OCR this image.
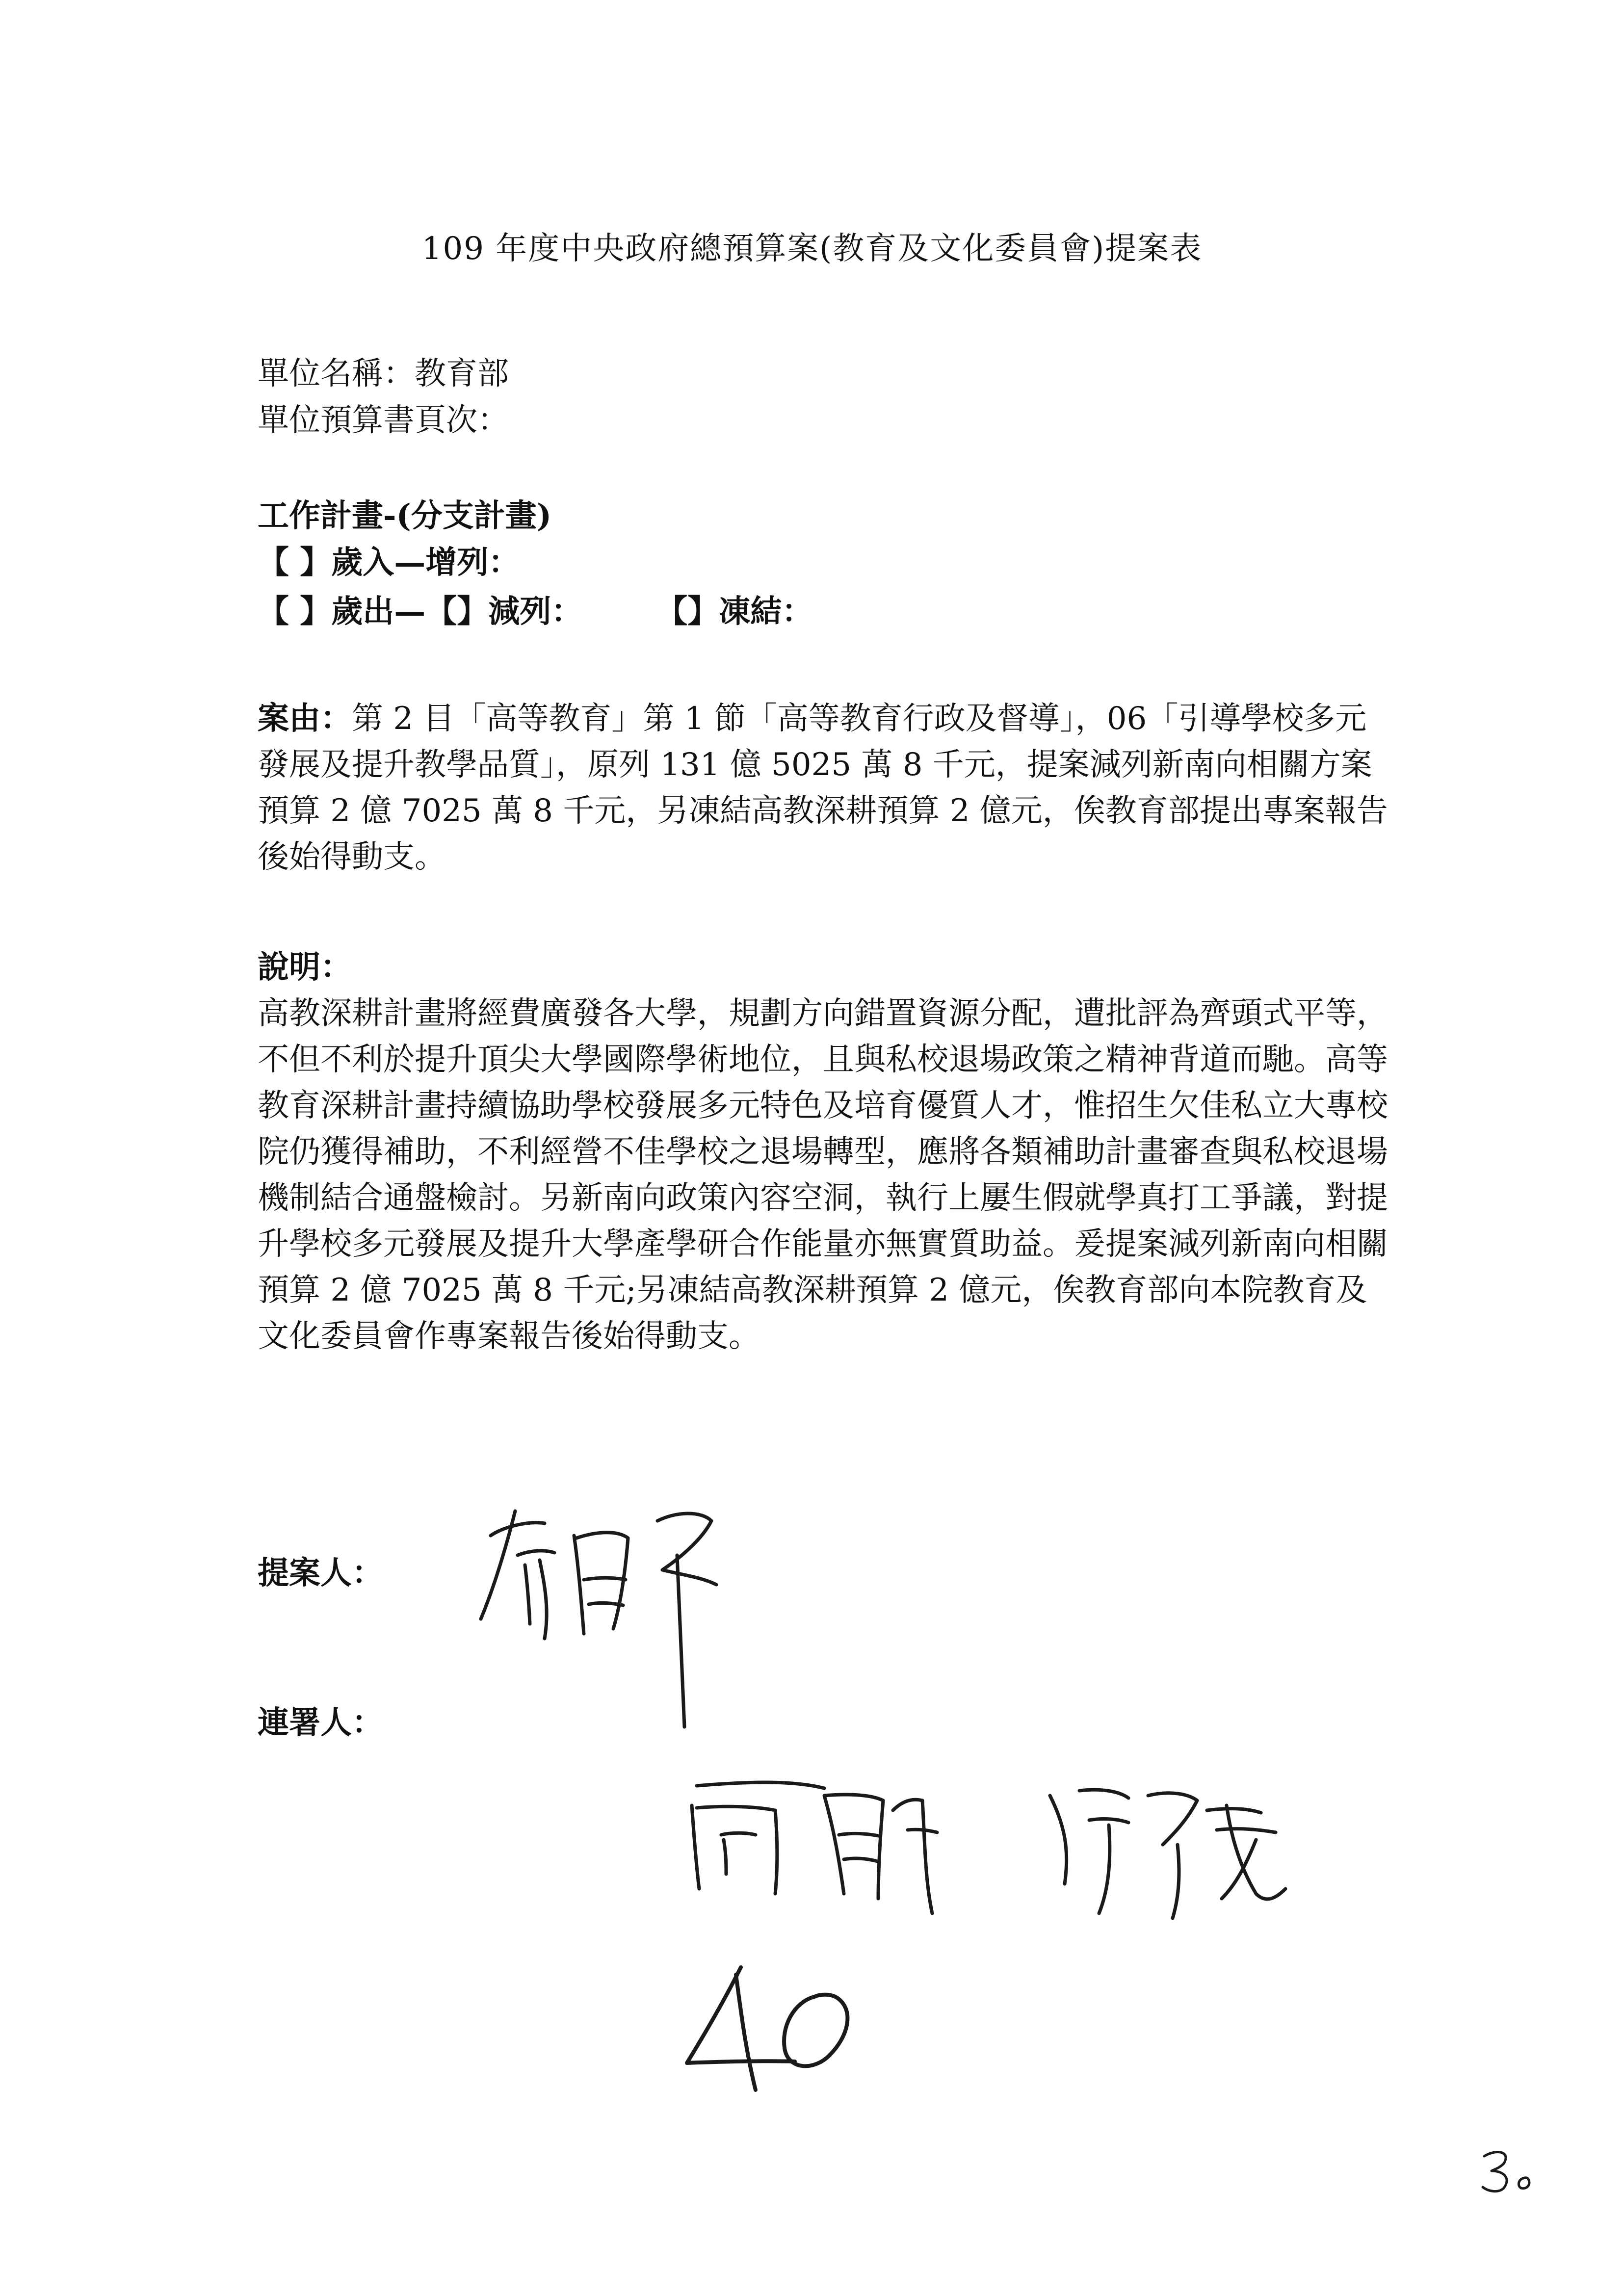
109 年度中央政府總預算案(教育及文化委員會)提案表
單位名稱：教育部
單位預算書頁次：
工作計畫-(分支計畫)
【 】歲入—增列：
【 】歲出—【】減列： 【】凍結：
案由：第 2 目「高等教育」第 1 節「高等教育行政及督導」，06「引導學校多元發展及提升教學品質」，原列 131 億 5025 萬 8 千元，提案減列新南向相關方案預算 2 億 7025 萬 8 千元，另凍結高教深耕預算 2 億元，俟教育部提出專案報告後始得動支。
說明：
高教深耕計畫將經費廣發各大學，規劃方向錯置資源分配，遭批評為齊頭式平等，不但不利於提升頂尖大學國際學術地位，且與私校退場政策之精神背道而馳。高等教育深耕計畫持續協助學校發展多元特色及培育優質人才，惟招生欠佳私立大專校院仍獲得補助，不利經營不佳學校之退場轉型，應將各類補助計畫審查與私校退場機制結合通盤檢討。另新南向政策內容空洞，執行上屢生假就學真打工爭議，對提升學校多元發展及提升大學產學研合作能量亦無實質助益。爰提案減列新南向相關預算 2 億 7025 萬 8 千元;另凍結高教深耕預算 2 億元，俟教育部向本院教育及文化委員會作專案報告後始得動支。
提案人：
連署人：
